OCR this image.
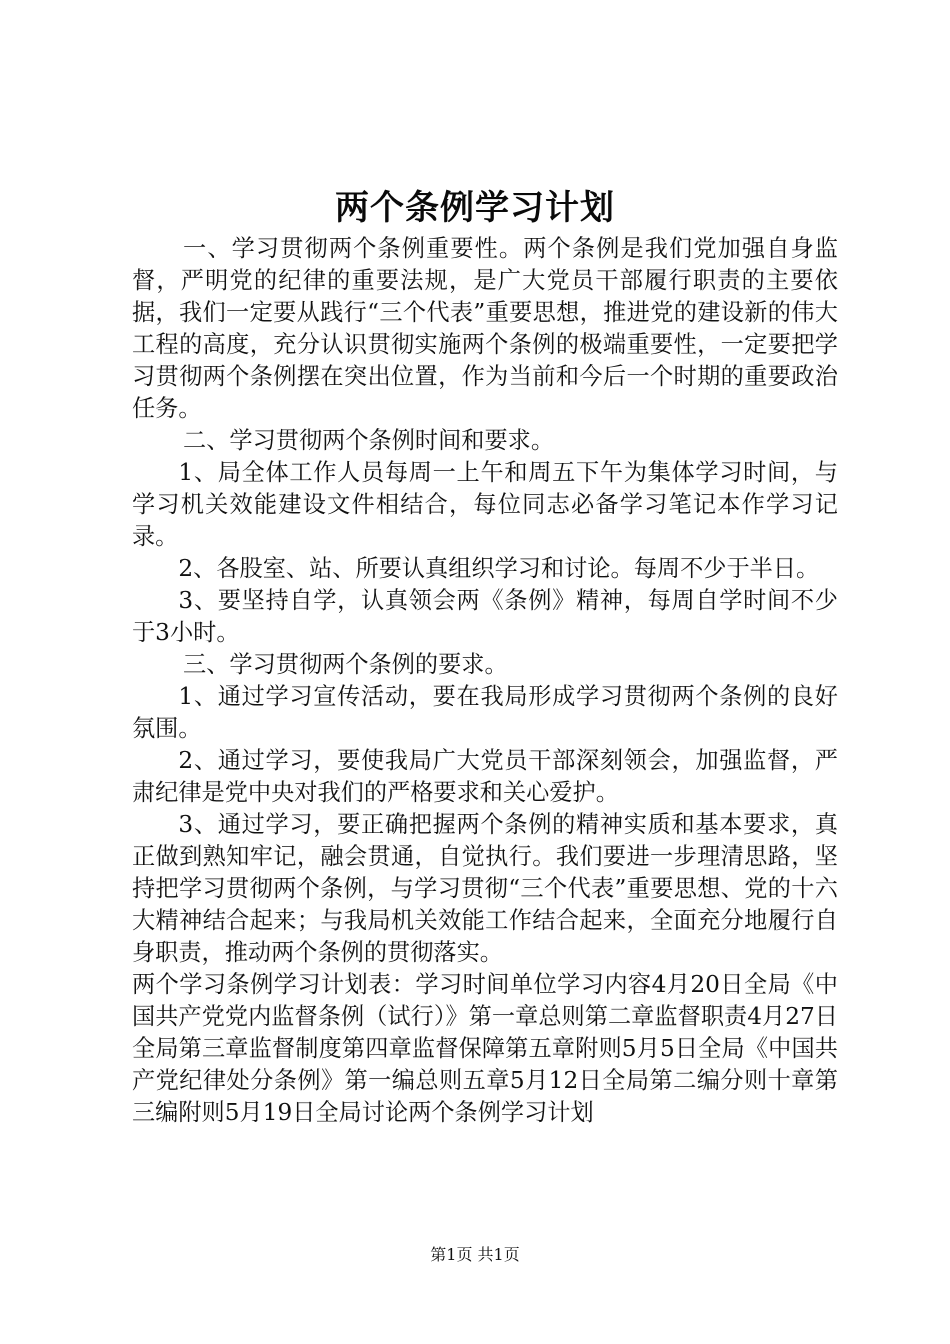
两个条例学习计划

一、学习贯彻两个条例重要性。两个条例是我们党加强自身监督，严明党的纪律的重要法规，是广大党员干部履行职责的主要依据，我们一定要从践行“三个代表”重要思想，推进党的建设新的伟大工程的高度，充分认识贯彻实施两个条例的极端重要性，一定要把学习贯彻两个条例摆在突出位置，作为当前和今后一个时期的重要政治任务。

二、学习贯彻两个条例时间和要求。

1、局全体工作人员每周一上午和周五下午为集体学习时间，与学习机关效能建设文件相结合，每位同志必备学习笔记本作学习记录。

2、各股室、站、所要认真组织学习和讨论。每周不少于半日。

3、要坚持自学，认真领会两《条例》精神，每周自学时间不少于3小时。

三、学习贯彻两个条例的要求。

1、通过学习宣传活动，要在我局形成学习贯彻两个条例的良好氛围。

2、通过学习，要使我局广大党员干部深刻领会，加强监督，严肃纪律是党中央对我们的严格要求和关心爱护。

3、通过学习，要正确把握两个条例的精神实质和基本要求，真正做到熟知牢记，融会贯通，自觉执行。我们要进一步理清思路，坚持把学习贯彻两个条例，与学习贯彻“三个代表”重要思想、党的十六大精神结合起来；与我局机关效能工作结合起来，全面充分地履行自身职责，推动两个条例的贯彻落实。

两个学习条例学习计划表：学习时间单位学习内容4月20日全局《中国共产党党内监督条例（试行）》第一章总则第二章监督职责4月27日全局第三章监督制度第四章监督保障第五章附则5月5日全局《中国共产党纪律处分条例》第一编总则五章5月12日全局第二编分则十章第三编附则5月19日全局讨论两个条例学习计划

第1页 共1页
